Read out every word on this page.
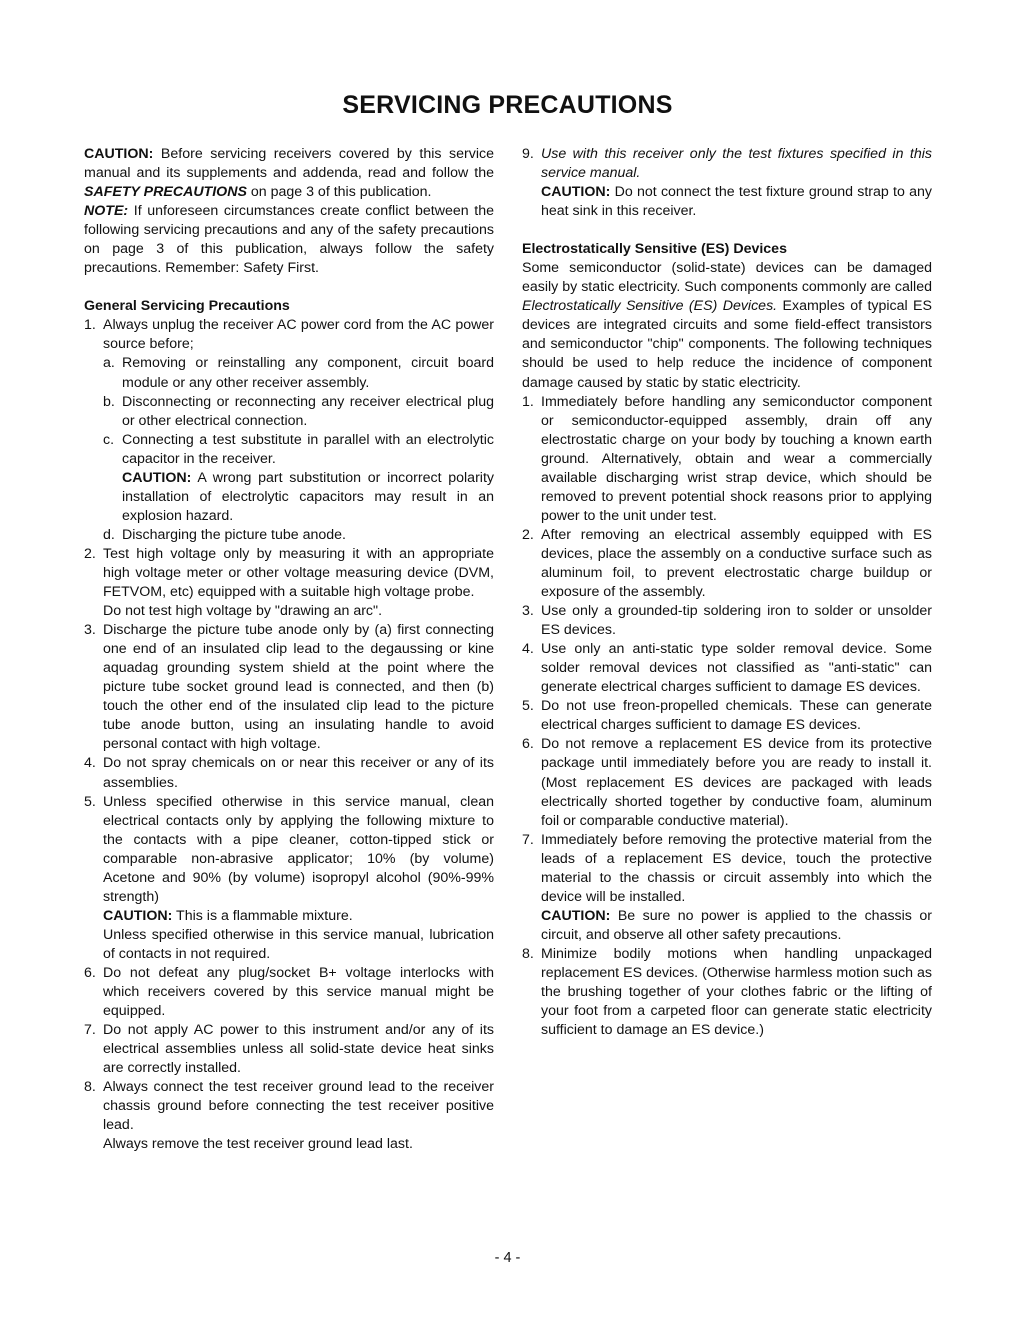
SERVICING PRECAUTIONS

CAUTION: Before servicing receivers covered by this service manual and its supplements and addenda, read and follow the SAFETY PRECAUTIONS on page 3 of this publication.

NOTE: If unforeseen circumstances create conflict between the following servicing precautions and any of the safety precautions on page 3 of this publication, always follow the safety precautions. Remember: Safety First.

General Servicing Precautions

1. Always unplug the receiver AC power cord from the AC power source before;
a. Removing or reinstalling any component, circuit board module or any other receiver assembly.
b. Disconnecting or reconnecting any receiver electrical plug or other electrical connection.
c. Connecting a test substitute in parallel with an electrolytic capacitor in the receiver.

CAUTION: A wrong part substitution or incorrect polarity installation of electrolytic capacitors may result in an explosion hazard.

d. Discharging the picture tube anode.
2. Test high voltage only by measuring it with an appropriate high voltage meter or other voltage measuring device (DVM, FETVOM, etc) equipped with a suitable high voltage probe.

Do not test high voltage by "drawing an arc".

3. Discharge the picture tube anode only by (a) first connecting one end of an insulated clip lead to the degaussing or kine aquadag grounding system shield at the point where the picture tube socket ground lead is connected, and then (b) touch the other end of the insulated clip lead to the picture tube anode button, using an insulating handle to avoid personal contact with high voltage.
4. Do not spray chemicals on or near this receiver or any of its assemblies.
5. Unless specified otherwise in this service manual, clean electrical contacts only by applying the following mixture to the contacts with a pipe cleaner, cotton-tipped stick or comparable non-abrasive applicator; 10% (by volume) Acetone and 90% (by volume) isopropyl alcohol (90%-99% strength)

CAUTION: This is a flammable mixture.

Unless specified otherwise in this service manual, lubrication of contacts in not required.

6. Do not defeat any plug/socket B+ voltage interlocks with which receivers covered by this service manual might be equipped.
7. Do not apply AC power to this instrument and/or any of its electrical assemblies unless all solid-state device heat sinks are correctly installed.
8. Always connect the test receiver ground lead to the receiver chassis ground before connecting the test receiver positive lead.

Always remove the test receiver ground lead last.

9. Use with this receiver only the test fixtures specified in this service manual.

CAUTION: Do not connect the test fixture ground strap to any heat sink in this receiver.

Electrostatically Sensitive (ES) Devices

Some semiconductor (solid-state) devices can be damaged easily by static electricity. Such components commonly are called Electrostatically Sensitive (ES) Devices. Examples of typical ES devices are integrated circuits and some field-effect transistors and semiconductor "chip" components. The following techniques should be used to help reduce the incidence of component damage caused by static by static electricity.

1. Immediately before handling any semiconductor component or semiconductor-equipped assembly, drain off any electrostatic charge on your body by touching a known earth ground. Alternatively, obtain and wear a commercially available discharging wrist strap device, which should be removed to prevent potential shock reasons prior to applying power to the unit under test.
2. After removing an electrical assembly equipped with ES devices, place the assembly on a conductive surface such as aluminum foil, to prevent electrostatic charge buildup or exposure of the assembly.
3. Use only a grounded-tip soldering iron to solder or unsolder ES devices.
4. Use only an anti-static type solder removal device. Some solder removal devices not classified as "anti-static" can generate electrical charges sufficient to damage ES devices.
5. Do not use freon-propelled chemicals. These can generate electrical charges sufficient to damage ES devices.
6. Do not remove a replacement ES device from its protective package until immediately before you are ready to install it. (Most replacement ES devices are packaged with leads electrically shorted together by conductive foam, aluminum foil or comparable conductive material).
7. Immediately before removing the protective material from the leads of a replacement ES device, touch the protective material to the chassis or circuit assembly into which the device will be installed.

CAUTION: Be sure no power is applied to the chassis or circuit, and observe all other safety precautions.

8. Minimize bodily motions when handling unpackaged replacement ES devices. (Otherwise harmless motion such as the brushing together of your clothes fabric or the lifting of your foot from a carpeted floor can generate static electricity sufficient to damage an ES device.)
- 4 -
